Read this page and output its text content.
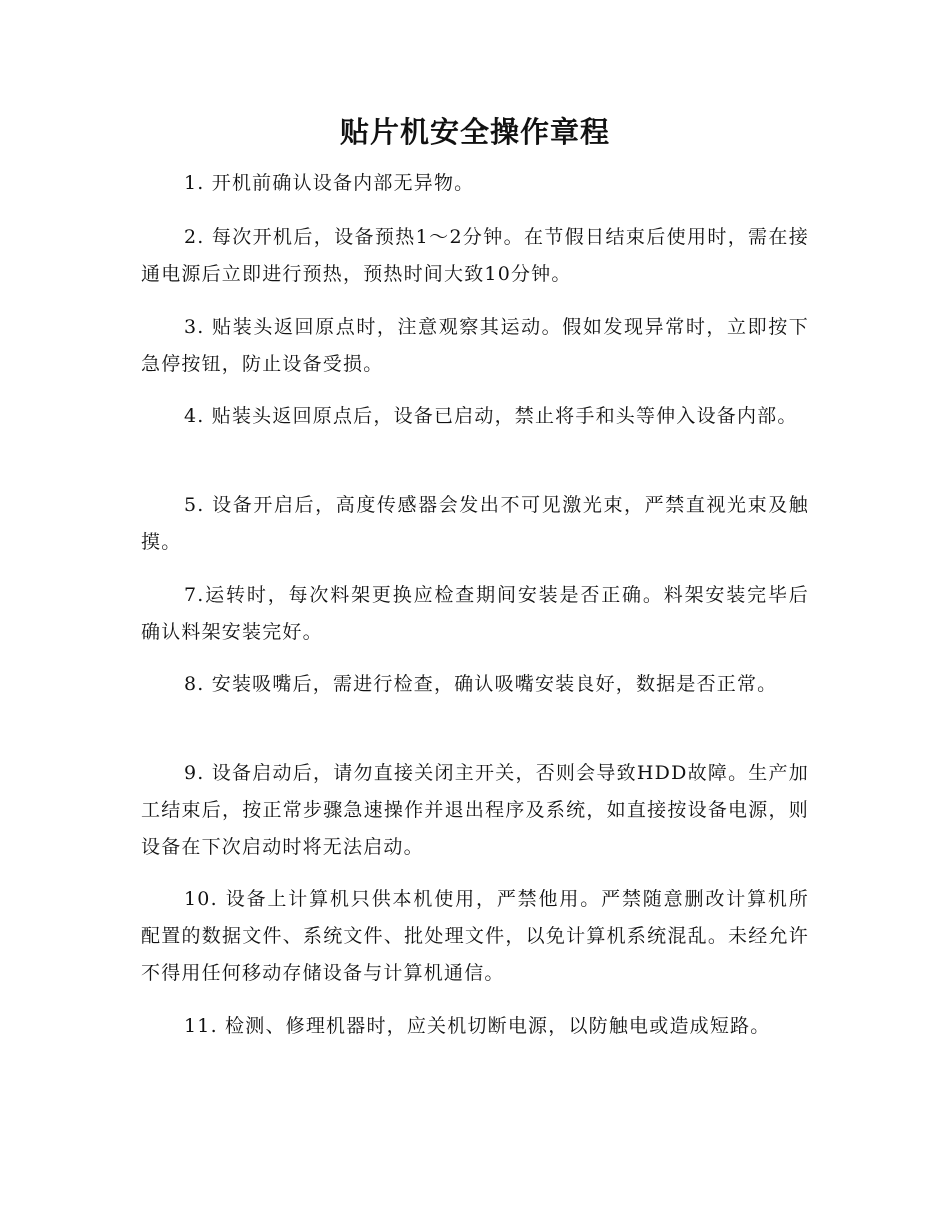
贴片机安全操作章程

1. 开机前确认设备内部无异物。

2. 每次开机后，设备预热1～2分钟。在节假日结束后使用时，需在接通电源后立即进行预热，预热时间大致10分钟。

3. 贴装头返回原点时，注意观察其运动。假如发现异常时，立即按下急停按钮，防止设备受损。

4. 贴装头返回原点后，设备已启动，禁止将手和头等伸入设备内部。

5. 设备开启后，高度传感器会发出不可见激光束，严禁直视光束及触摸。

7.运转时，每次料架更换应检查期间安装是否正确。料架安装完毕后确认料架安装完好。

8. 安装吸嘴后，需进行检查，确认吸嘴安装良好，数据是否正常。

9. 设备启动后，请勿直接关闭主开关，否则会导致HDD故障。生产加工结束后，按正常步骤急速操作并退出程序及系统，如直接按设备电源，则设备在下次启动时将无法启动。

10. 设备上计算机只供本机使用，严禁他用。严禁随意删改计算机所配置的数据文件、系统文件、批处理文件，以免计算机系统混乱。未经允许不得用任何移动存储设备与计算机通信。

11. 检测、修理机器时，应关机切断电源，以防触电或造成短路。
